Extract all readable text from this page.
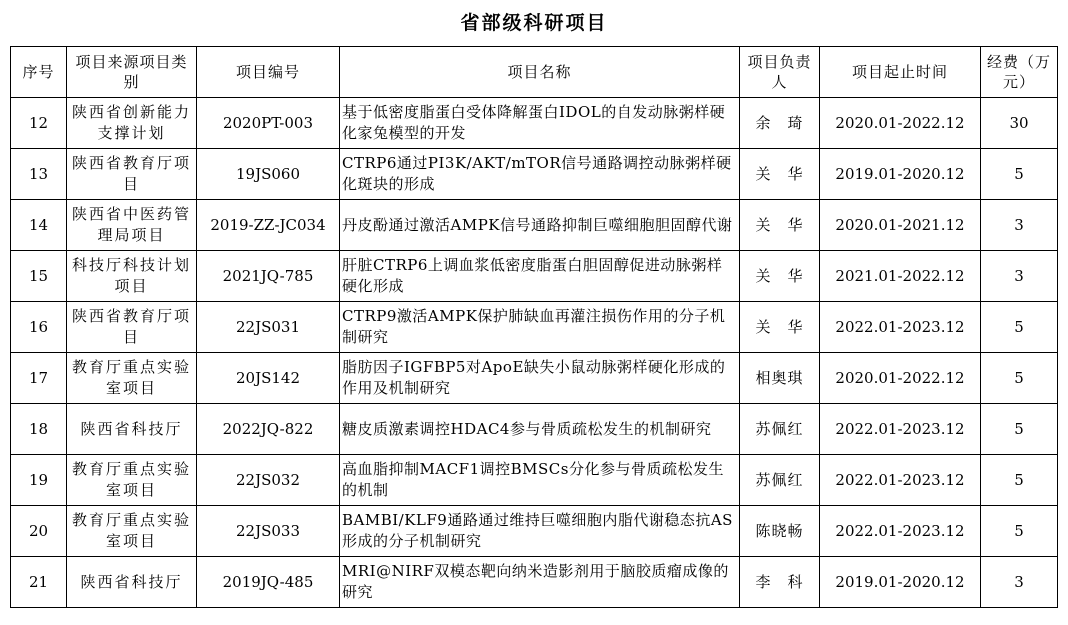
省部级科研项目
序号	项目来源项目类别	项目编号	项目名称	项目负责人	项目起止时间	经费（万元）
12	陕西省创新能力支撑计划	2020PT-003	基于低密度脂蛋白受体降解蛋白IDOL的自发动脉粥样硬化家兔模型的开发	余　琦	2020.01-2022.12	30
13	陕西省教育厅项目	19JS060	CTRP6通过PI3K/AKT/mTOR信号通路调控动脉粥样硬化斑块的形成	关　华	2019.01-2020.12	5
14	陕西省中医药管理局项目	2019-ZZ-JC034	丹皮酚通过激活AMPK信号通路抑制巨噬细胞胆固醇代谢	关　华	2020.01-2021.12	3
15	科技厅科技计划项目	2021JQ-785	肝脏CTRP6上调血浆低密度脂蛋白胆固醇促进动脉粥样硬化形成	关　华	2021.01-2022.12	3
16	陕西省教育厅项目	22JS031	CTRP9激活AMPK保护肺缺血再灌注损伤作用的分子机制研究	关　华	2022.01-2023.12	5
17	教育厅重点实验室项目	20JS142	脂肪因子IGFBP5对ApoE缺失小鼠动脉粥样硬化形成的作用及机制研究	相奥琪	2020.01-2022.12	5
18	陕西省科技厅	2022JQ-822	糖皮质激素调控HDAC4参与骨质疏松发生的机制研究	苏佩红	2022.01-2023.12	5
19	教育厅重点实验室项目	22JS032	高血脂抑制MACF1调控BMSCs分化参与骨质疏松发生的机制	苏佩红	2022.01-2023.12	5
20	教育厅重点实验室项目	22JS033	BAMBI/KLF9通路通过维持巨噬细胞内脂代谢稳态抗AS形成的分子机制研究	陈晓畅	2022.01-2023.12	5
21	陕西省科技厅	2019JQ-485	MRI@NIRF双模态靶向纳米造影剂用于脑胶质瘤成像的研究	李　科	2019.01-2020.12	3
